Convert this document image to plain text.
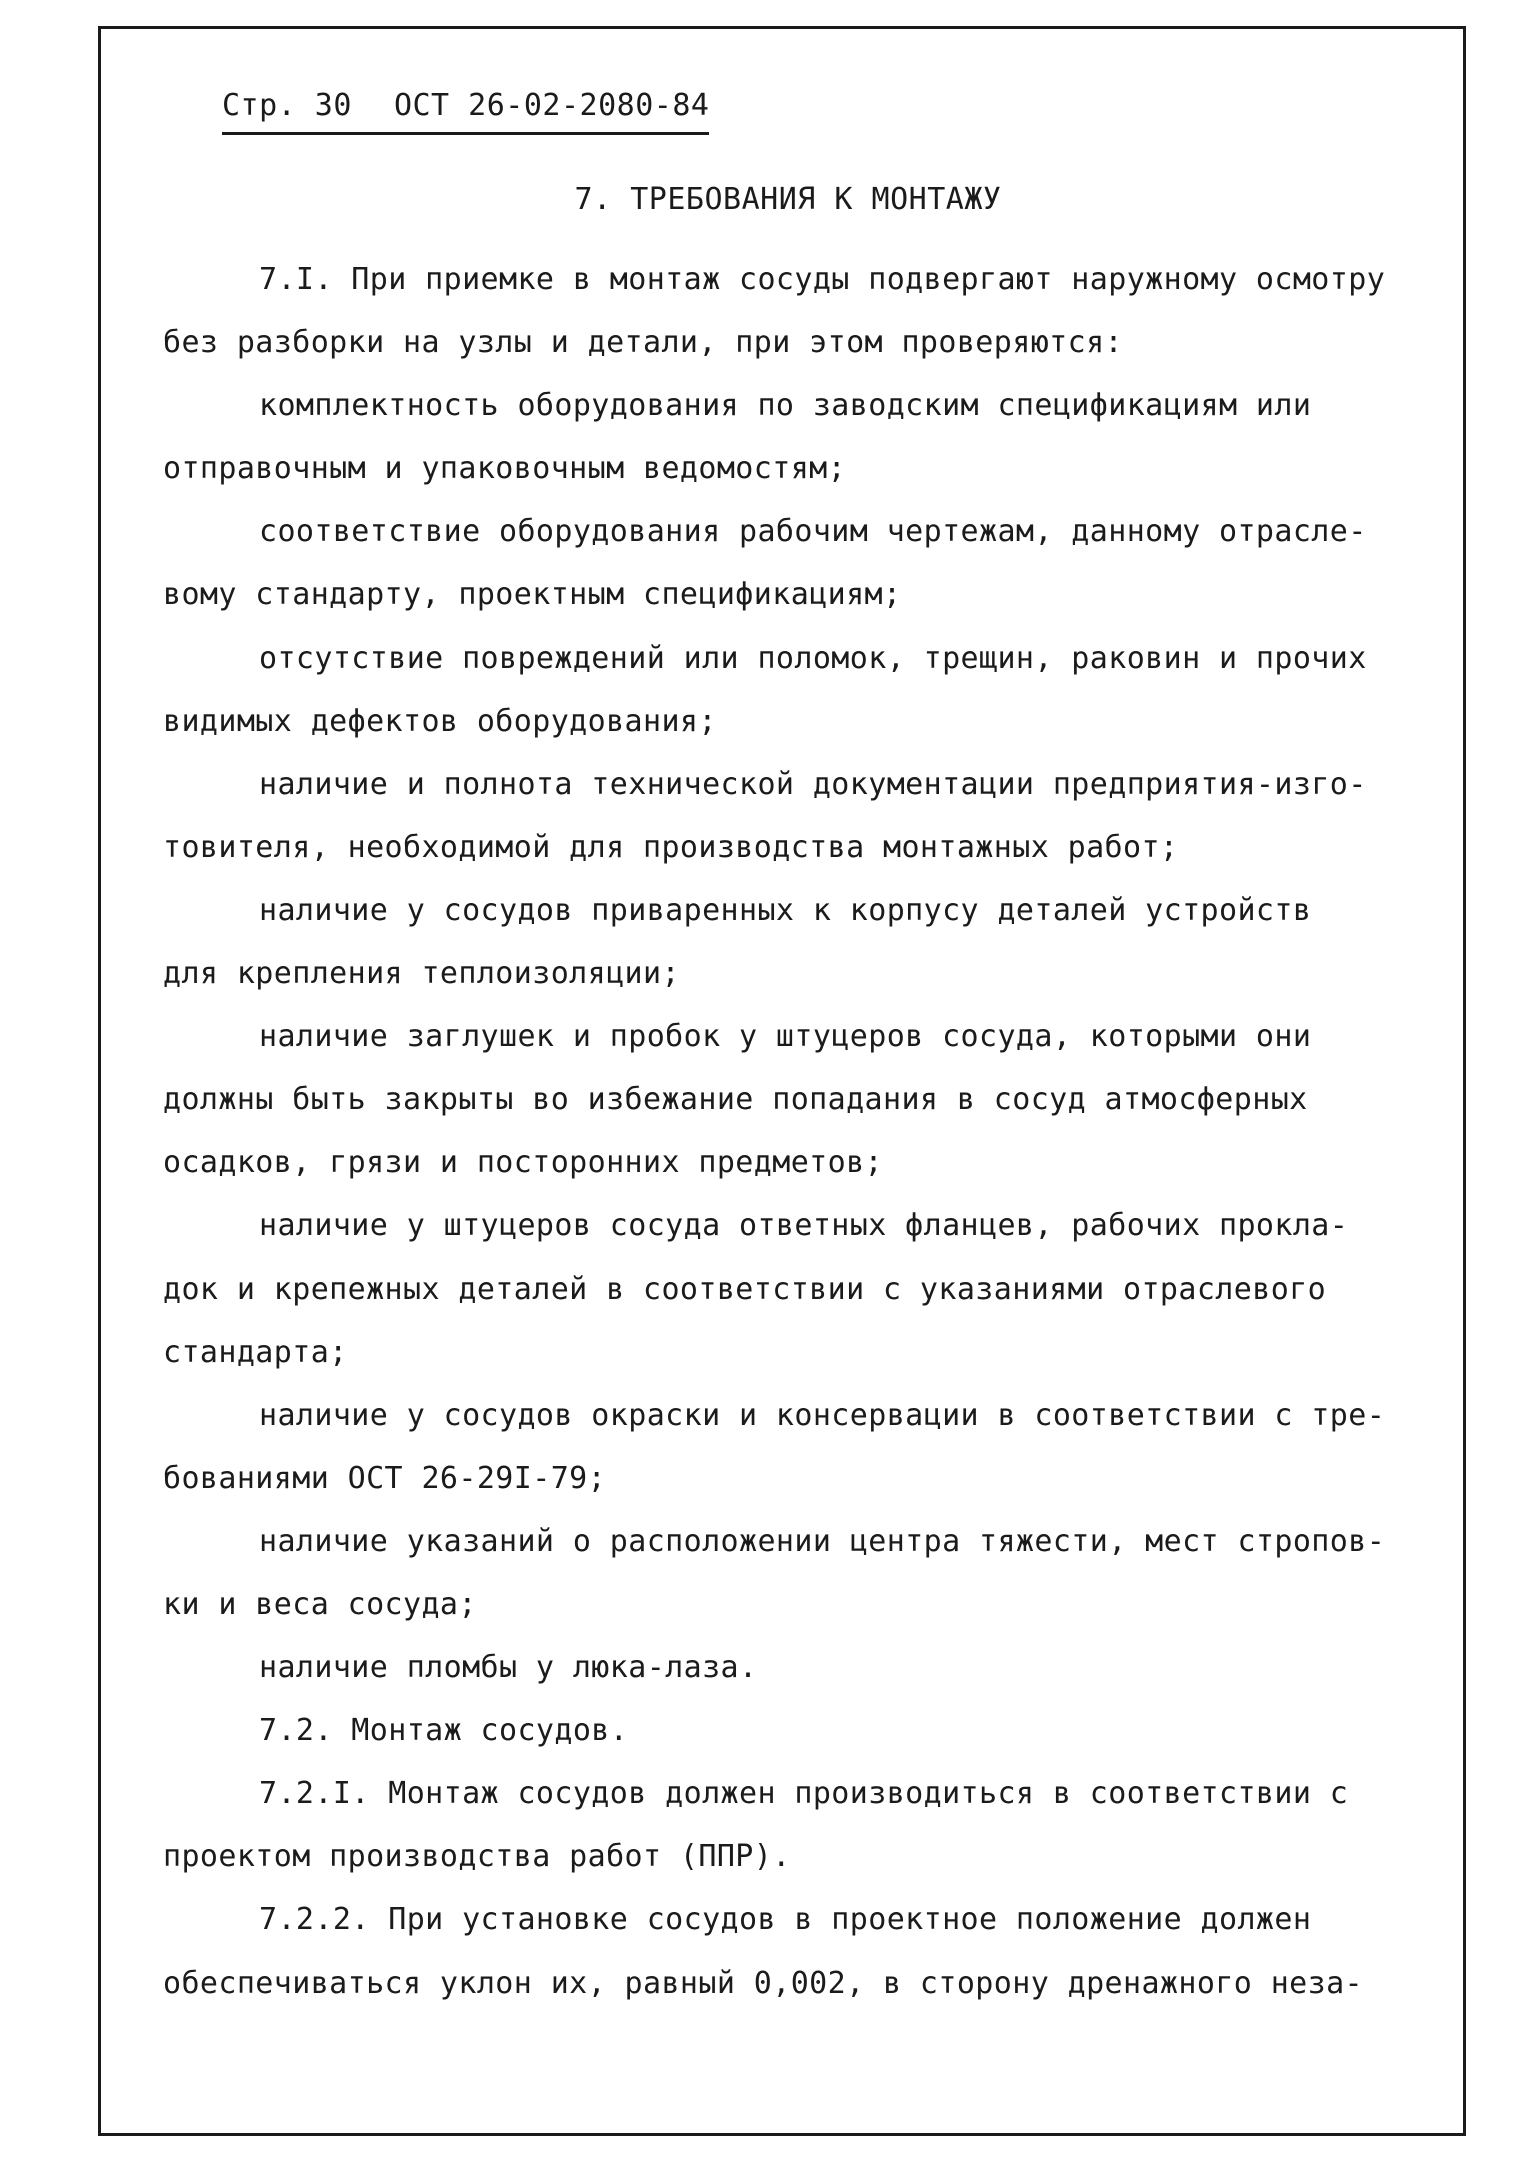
Стр. 30 ОСТ 26-02-2080-84
7. ТРЕБОВАНИЯ К МОНТАЖУ
7.I. При приемке в монтаж сосуды подвергают наружному осмотру
без разборки на узлы и детали, при этом проверяются:
комплектность оборудования по заводским спецификациям или
отправочным и упаковочным ведомостям;
соответствие оборудования рабочим чертежам, данному отрасле-
вому стандарту, проектным спецификациям;
отсутствие повреждений или поломок, трещин, раковин и прочих
видимых дефектов оборудования;
наличие и полнота технической документации предприятия-изго-
товителя, необходимой для производства монтажных работ;
наличие у сосудов приваренных к корпусу деталей устройств
для крепления теплоизоляции;
наличие заглушек и пробок у штуцеров сосуда, которыми они
должны быть закрыты во избежание попадания в сосуд атмосферных
осадков, грязи и посторонних предметов;
наличие у штуцеров сосуда ответных фланцев, рабочих прокла-
док и крепежных деталей в соответствии с указаниями отраслевого
стандарта;
наличие у сосудов окраски и консервации в соответствии с тре-
бованиями ОСТ 26-29I-79;
наличие указаний о расположении центра тяжести, мест стропов-
ки и веса сосуда;
наличие пломбы у люка-лаза.
7.2. Монтаж сосудов.
7.2.I. Монтаж сосудов должен производиться в соответствии с
проектом производства работ (ППР).
7.2.2. При установке сосудов в проектное положение должен
обеспечиваться уклон их, равный 0,002, в сторону дренажного неза-
